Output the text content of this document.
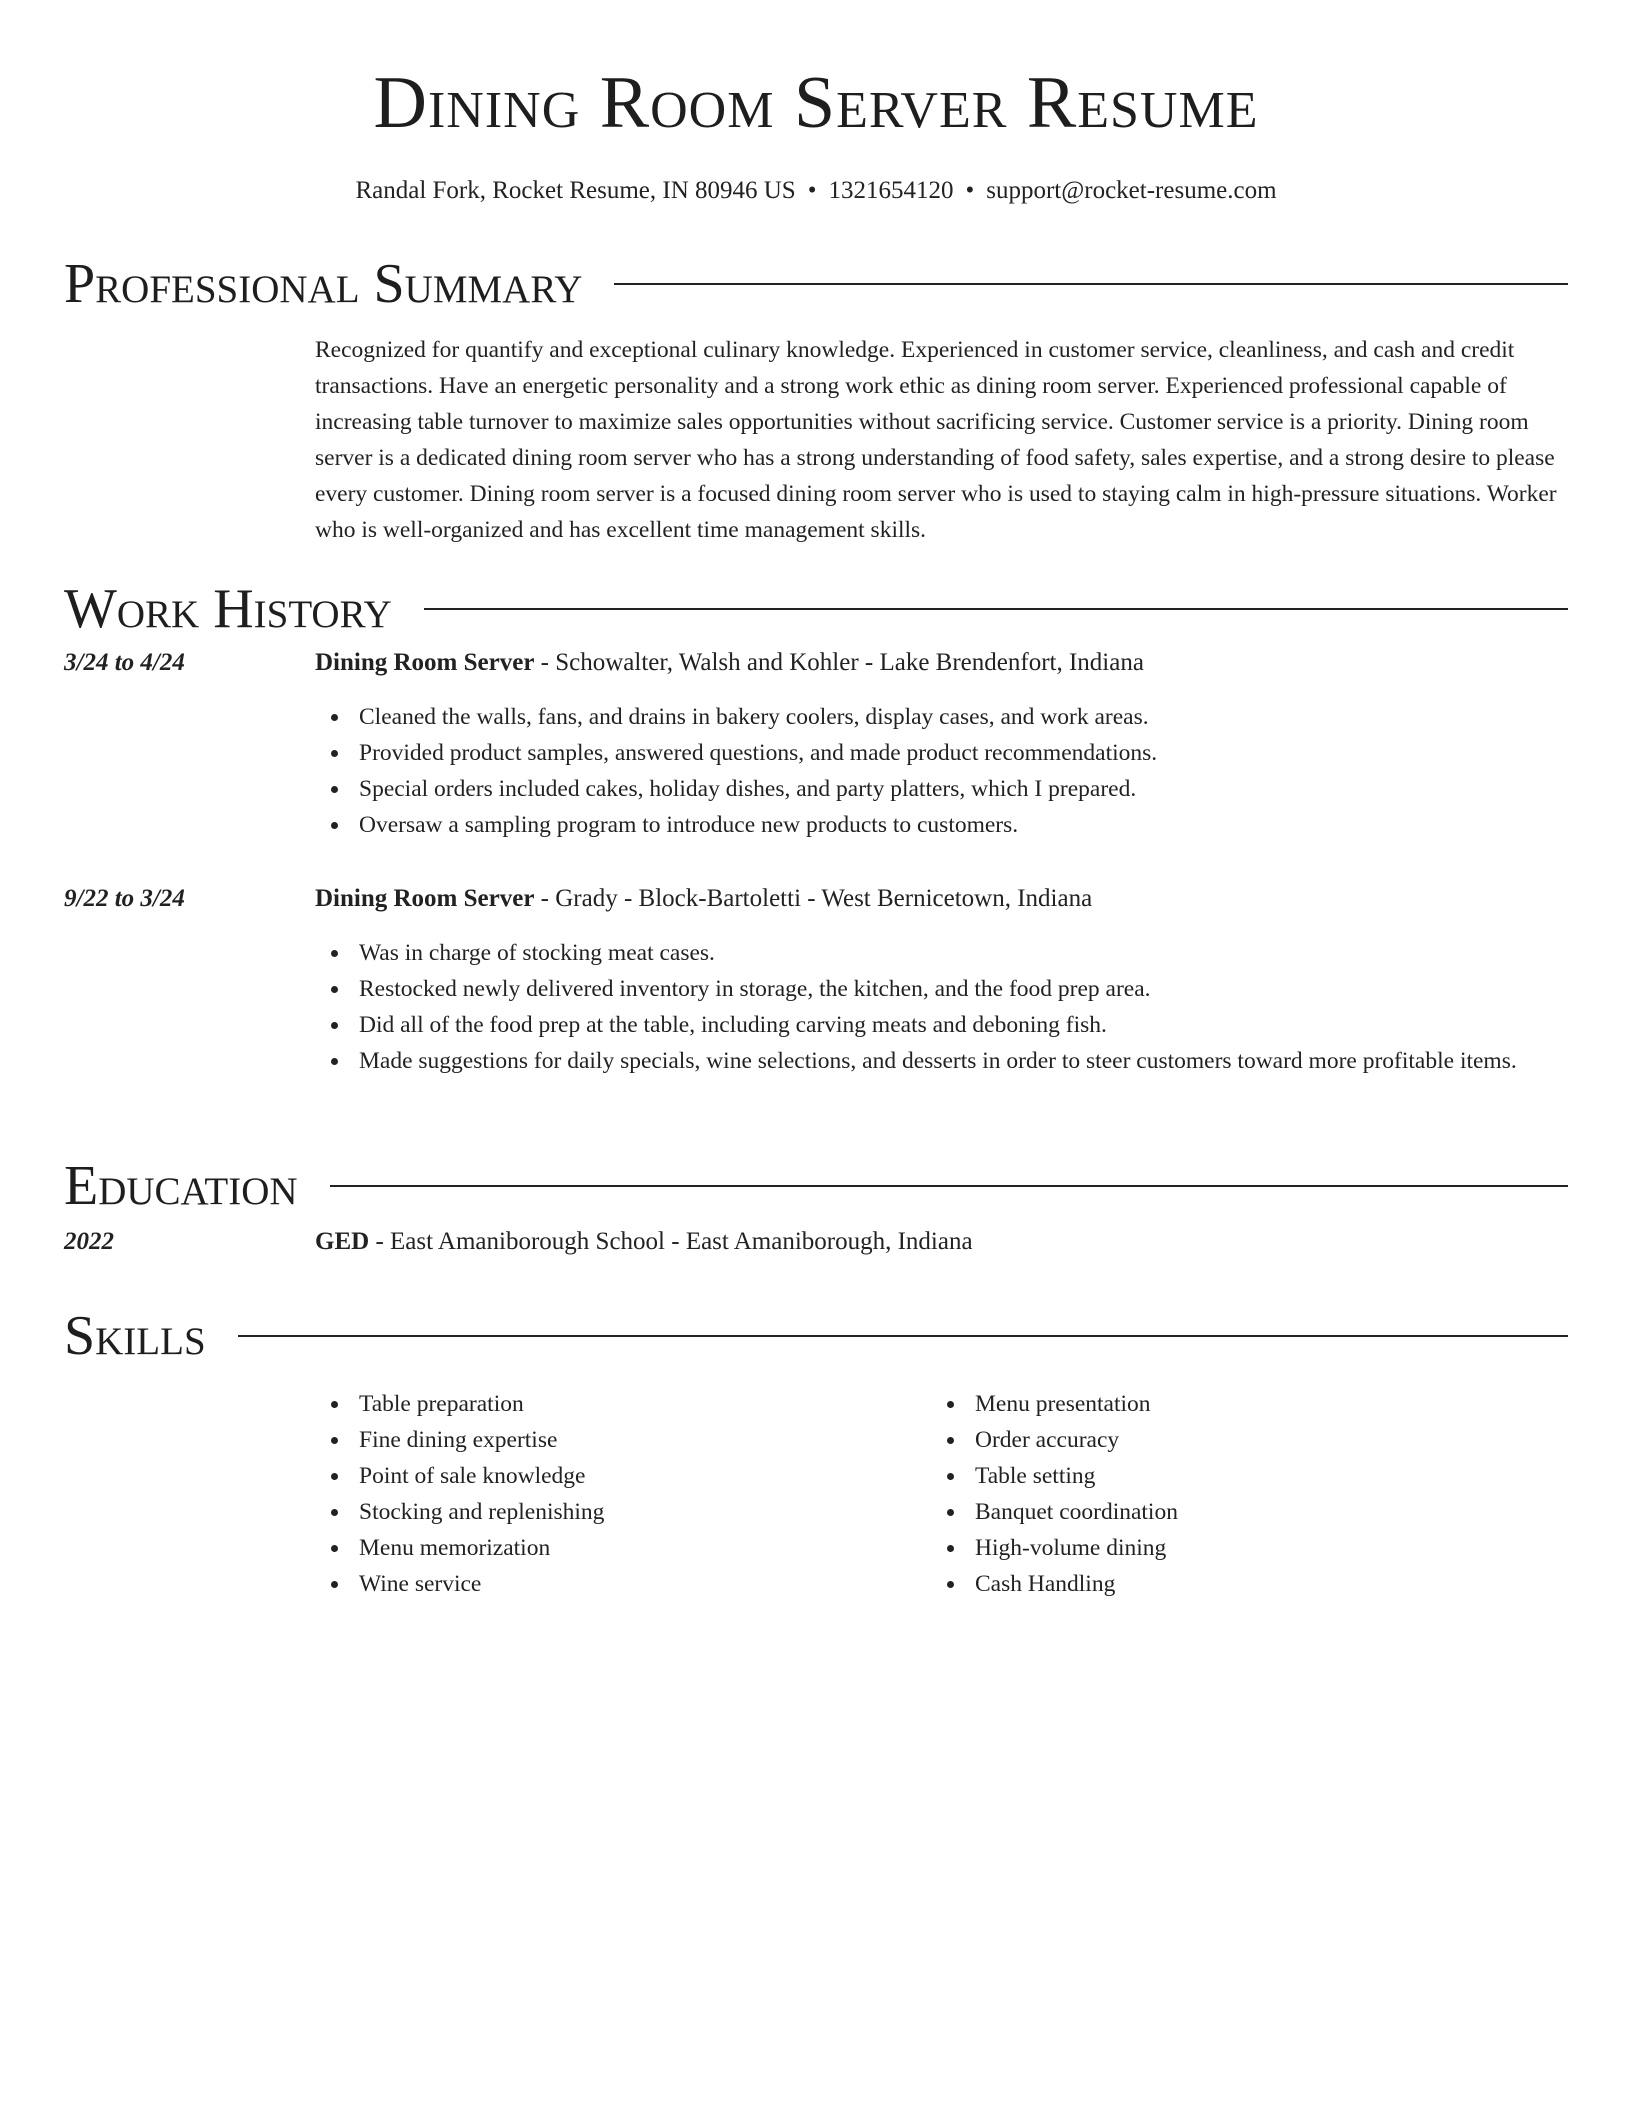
Dining Room Server Resume
Randal Fork, Rocket Resume, IN 80946 US • 1321654120 • support@rocket-resume.com
Professional Summary
Recognized for quantify and exceptional culinary knowledge. Experienced in customer service, cleanliness, and cash and credit transactions. Have an energetic personality and a strong work ethic as dining room server. Experienced professional capable of increasing table turnover to maximize sales opportunities without sacrificing service. Customer service is a priority. Dining room server is a dedicated dining room server who has a strong understanding of food safety, sales expertise, and a strong desire to please every customer. Dining room server is a focused dining room server who is used to staying calm in high-pressure situations. Worker who is well-organized and has excellent time management skills.
Work History
3/24 to 4/24	Dining Room Server - Schowalter, Walsh and Kohler - Lake Brendenfort, Indiana
Cleaned the walls, fans, and drains in bakery coolers, display cases, and work areas.
Provided product samples, answered questions, and made product recommendations.
Special orders included cakes, holiday dishes, and party platters, which I prepared.
Oversaw a sampling program to introduce new products to customers.
9/22 to 3/24	Dining Room Server - Grady - Block-Bartoletti - West Bernicetown, Indiana
Was in charge of stocking meat cases.
Restocked newly delivered inventory in storage, the kitchen, and the food prep area.
Did all of the food prep at the table, including carving meats and deboning fish.
Made suggestions for daily specials, wine selections, and desserts in order to steer customers toward more profitable items.
Education
2022	GED - East Amaniborough School - East Amaniborough, Indiana
Skills
Table preparation
Fine dining expertise
Point of sale knowledge
Stocking and replenishing
Menu memorization
Wine service
Menu presentation
Order accuracy
Table setting
Banquet coordination
High-volume dining
Cash Handling
